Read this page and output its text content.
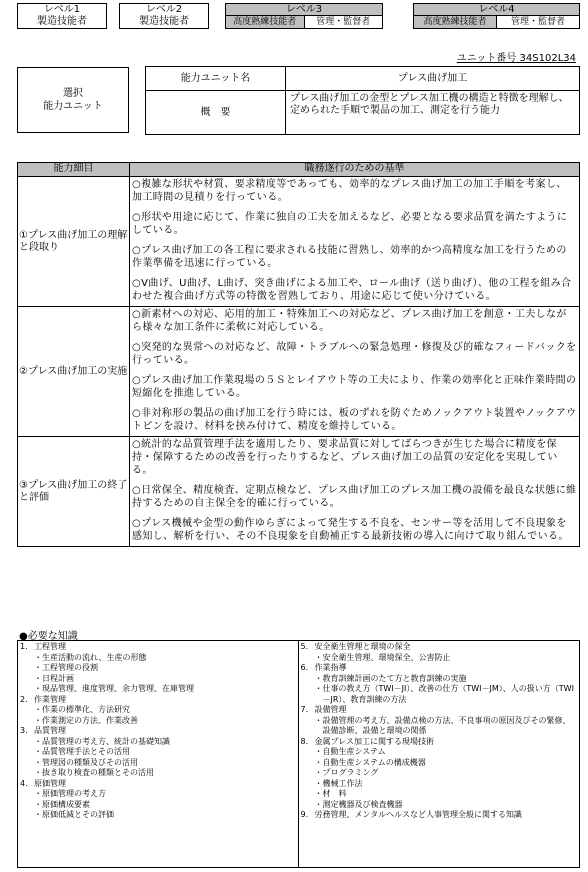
レベル1
製造技能者
レベル2
製造技能者
レベル3
高度熟練技能者	管理・監督者
レベル4
高度熟練技能者	管理・監督者
ユニット番号 34S102L34
選択
能力ユニット
能力ユニット名	プレス曲げ加工
概　要	プレス曲げ加工の金型とプレス加工機の構造と特徴を理解し、定められた手順で製品の加工、測定を行う能力
能力細目	職務遂行のための基準
①プレス曲げ加工の理解と段取り	○複雑な形状や材質、要求精度等であっても、効率的なプレス曲げ加工の加工手順を考案し、加工時間の見積りを行っている。

○形状や用途に応じて、作業に独自の工夫を加えるなど、必要となる要求品質を満たすようにしている。

○プレス曲げ加工の各工程に要求される技能に習熟し、効率的かつ高精度な加工を行うための作業準備を迅速に行っている。

○V曲げ、U曲げ、L曲げ、突き曲げによる加工や、ロール曲げ（送り曲げ）、他の工程を組み合わせた複合曲げ方式等の特徴を習熟しており、用途に応じて使い分けている。

②プレス曲げ加工の実施	○新素材への対応、応用的加工・特殊加工への対応など、プレス曲げ加工を創意・工夫しながら様々な加工条件に柔軟に対応している。

○突発的な異常への対応など、故障・トラブルへの緊急処理・修復及び的確なフィードバックを行っている。

○プレス曲げ加工作業現場の５Ｓとレイアウト等の工夫により、作業の効率化と正味作業時間の短縮化を推進している。

○非対称形の製品の曲げ加工を行う時には、板のずれを防ぐためノックアウト装置やノックアウトピンを設け、材料を挟み付けて、精度を維持している。

③プレス曲げ加工の終了と評価	○統計的な品質管理手法を適用したり、要求品質に対してばらつきが生じた場合に精度を保持・保障するための改善を行ったりするなど、プレス曲げ加工の品質の安定化を実現している。

○日常保全、精度検査、定期点検など、プレス曲げ加工のプレス加工機の設備を最良な状態に維持するための自主保全を的確に行っている。

○プレス機械や金型の動作ゆらぎによって発生する不良を、センサー等を活用して不良現象を感知し、解析を行い、その不良現象を自動補正する最新技術の導入に向けて取り組んでいる。

●必要な知識
1. 工程管理
・ 生産活動の流れ、生産の形態
・ 工程管理の役割
・ 日程計画
・ 現品管理、進度管理、余力管理、在庫管理
2. 作業管理
・ 作業の標準化、方法研究
・ 作業測定の方法、作業改善
3. 品質管理
・ 品質管理の考え方、統計の基礎知識
・ 品質管理手法とその活用
・ 管理図の種類及びその活用
・ 抜き取り検査の種類とその活用
4. 原価管理
・ 原価管理の考え方
・ 原価構成要素
・ 原価低減とその評価
5. 安全衛生管理と環境の保全
・ 安全衛生管理、環境保全、公害防止
6. 作業指導
・ 教育訓練計画のたて方と教育訓練の実施
・ 仕事の教え方（TWI－JI）、改善の仕方（TWI－JM）、人の扱い方（TWI－JR）、教育訓練の方法
7. 設備管理
・ 設備管理の考え方、設備点検の方法、不良事項の原因及びその緊修、設備診断、設備と環境の関係
8. 金属プレス加工に関する現場技術
・ 自動生産システム
・ 自動生産システムの構成機器
・ プログラミング
・ 機械工作法
・ 材　料
・ 測定機器及び検査機器
9. 労務管理、メンタルヘルスなど人事管理全般に関する知識
